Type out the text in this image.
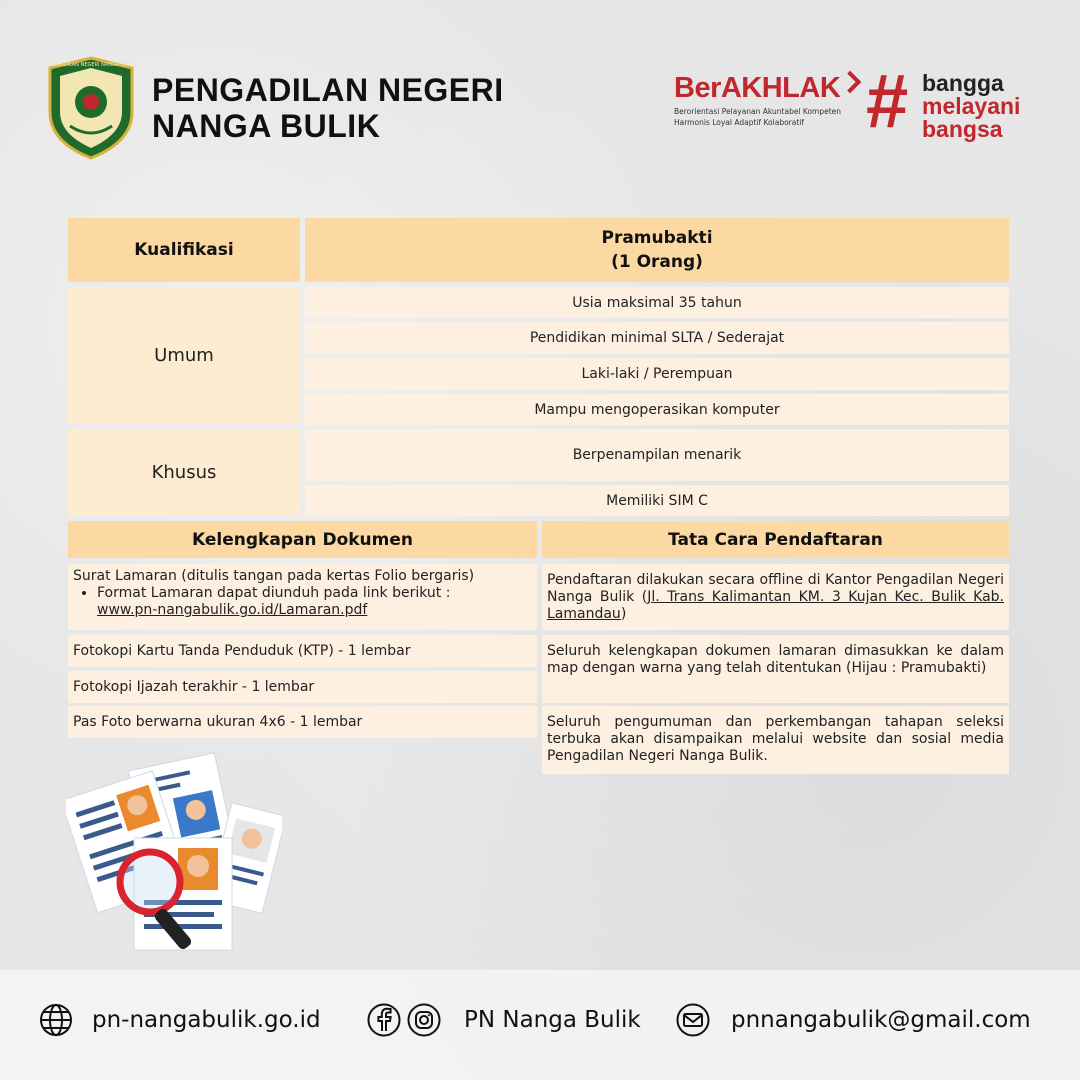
PENGADILAN NEGERI NANGA BULIK
PENGADILAN NEGERI
NANGA BULIK
BerAKHLAK
Berorientasi Pelayanan Akuntabel Kompeten
Harmonis Loyal Adaptif Kolaboratif # bangga
melayani
bangsa
Kualifikasi
Pramubakti
(1 Orang)
Umum
Usia maksimal 35 tahun
Pendidikan minimal SLTA / Sederajat
Laki-laki / Perempuan
Mampu mengoperasikan komputer
Khusus
Berpenampilan menarik
Memiliki SIM C
Kelengkapan Dokumen
Surat Lamaran (ditulis tangan pada kertas Folio bergaris)
• Format Lamaran dapat diunduh pada link berikut :
www.pn-nangabulik.go.id/Lamaran.pdf
Fotokopi Kartu Tanda Penduduk (KTP) - 1 lembar
Fotokopi Ijazah terakhir - 1 lembar
Pas Foto berwarna ukuran 4x6 - 1 lembar
Tata Cara Pendaftaran
Pendaftaran dilakukan secara offline di Kantor Pengadilan Negeri Nanga Bulik (Jl. Trans Kalimantan KM. 3 Kujan Kec. Bulik Kab. Lamandau)
Seluruh kelengkapan dokumen lamaran dimasukkan ke dalam map dengan warna yang telah ditentukan (Hijau : Pramubakti)
Seluruh pengumuman dan perkembangan tahapan seleksi terbuka akan disampaikan melalui website dan sosial media Pengadilan Negeri Nanga Bulik.
pn-nangabulik.go.id	PN Nanga Bulik	pnnangabulik@gmail.com
